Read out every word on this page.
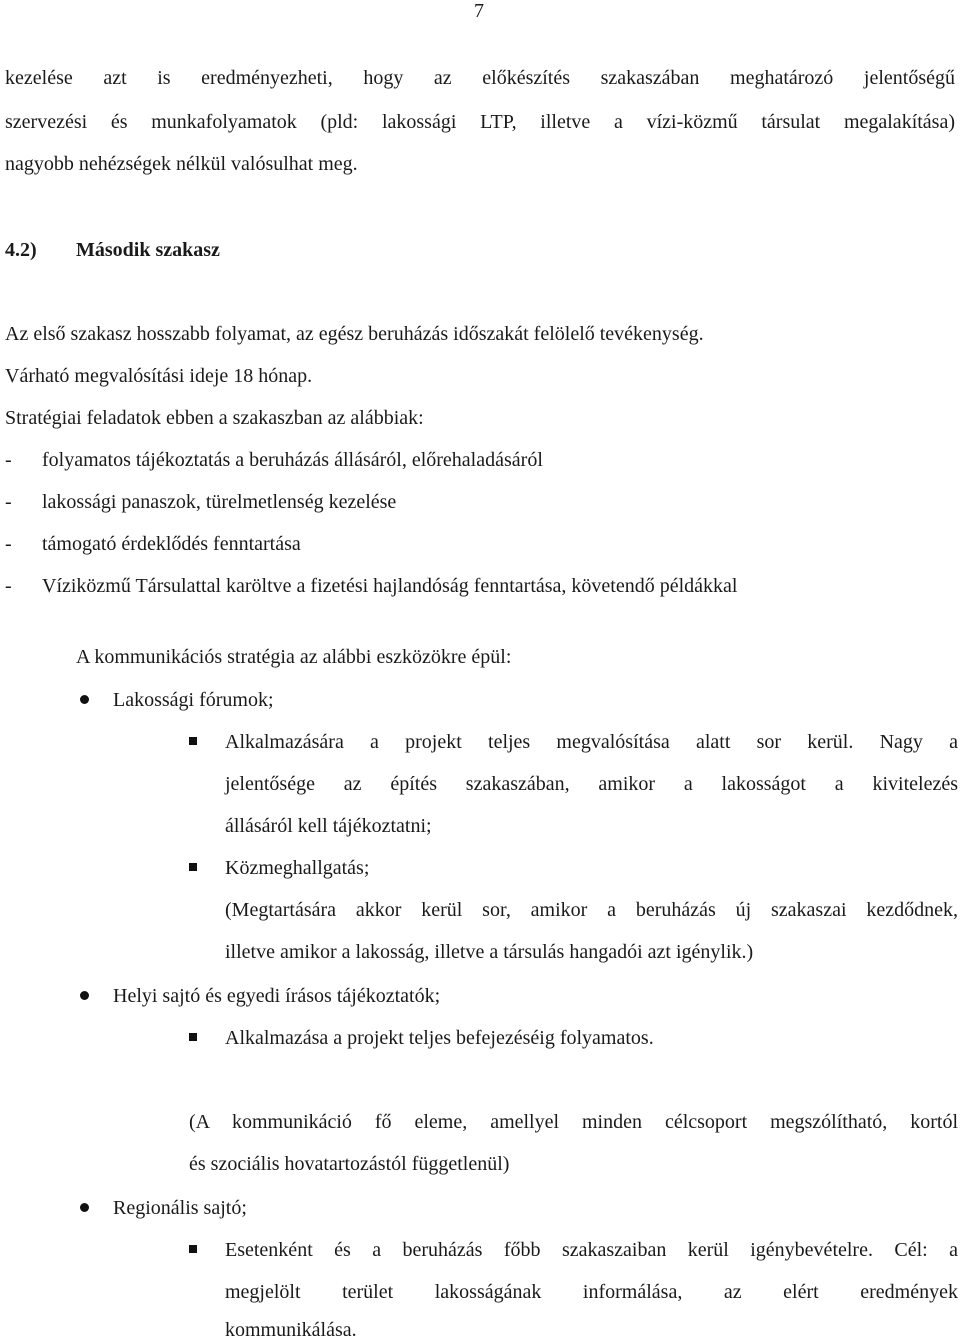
7
kezelése azt is eredményezheti, hogy az előkészítés szakaszában meghatározó jelentőségű
szervezési és munkafolyamatok (pld: lakossági LTP, illetve a vízi-közmű társulat megalakítása)
nagyobb nehézségek nélkül valósulhat meg.
4.2) Második szakasz
Az első szakasz hosszabb folyamat, az egész beruházás időszakát felölelő tevékenység.
Várható megvalósítási ideje 18 hónap.
Stratégiai feladatok ebben a szakaszban az alábbiak:
- folyamatos tájékoztatás a beruházás állásáról, előrehaladásáról
- lakossági panaszok, türelmetlenség kezelése
- támogató érdeklődés fenntartása
- Víziközmű Társulattal karöltve a fizetési hajlandóság fenntartása, követendő példákkal
A kommunikációs stratégia az alábbi eszközökre épül:
Lakossági fórumok;
Alkalmazására a projekt teljes megvalósítása alatt sor kerül. Nagy a
jelentősége az építés szakaszában, amikor a lakosságot a kivitelezés
állásáról kell tájékoztatni;
Közmeghallgatás;
(Megtartására akkor kerül sor, amikor a beruházás új szakaszai kezdődnek,
illetve amikor a lakosság, illetve a társulás hangadói azt igénylik.)
Helyi sajtó és egyedi írásos tájékoztatók;
Alkalmazása a projekt teljes befejezéséig folyamatos.
(A kommunikáció fő eleme, amellyel minden célcsoport megszólítható, kortól
és szociális hovatartozástól függetlenül)
Regionális sajtó;
Esetenként és a beruházás főbb szakaszaiban kerül igénybevételre. Cél: a
megjelölt terület lakosságának informálása, az elért eredmények
kommunikálása.
